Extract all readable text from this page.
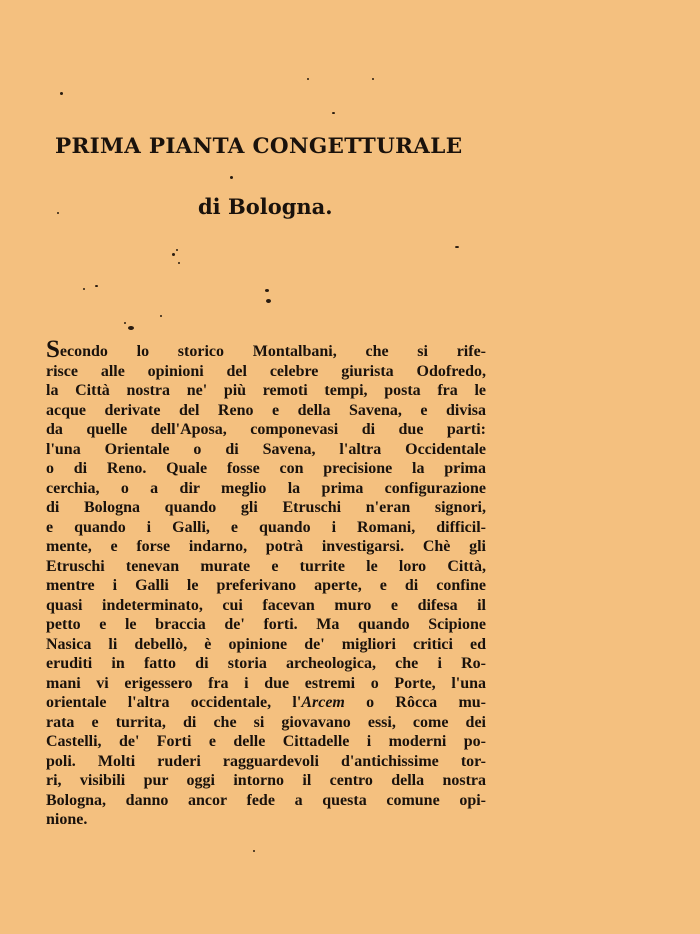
PRIMA PIANTA CONGETTURALE
di Bologna.
Secondo lo storico Montalbani, che si rife-
risce alle opinioni del celebre giurista Odofredo,
la Città nostra ne' più remoti tempi, posta fra le
acque derivate del Reno e della Savena, e divisa
da quelle dell'Aposa, componevasi di due parti:
l'una Orientale o di Savena, l'altra Occidentale
o di Reno. Quale fosse con precisione la prima
cerchia, o a dir meglio la prima configurazione
di Bologna quando gli Etruschi n'eran signori,
e quando i Galli, e quando i Romani, difficil-
mente, e forse indarno, potrà investigarsi. Chè gli
Etruschi tenevan murate e turrite le loro Città,
mentre i Galli le preferivano aperte, e di confine
quasi indeterminato, cui facevan muro e difesa il
petto e le braccia de' forti. Ma quando Scipione
Nasica li debellò, è opinione de' migliori critici ed
eruditi in fatto di storia archeologica, che i Ro-
mani vi erigessero fra i due estremi o Porte, l'una
orientale l'altra occidentale, l'Arcem o Rôcca mu-
rata e turrita, di che si giovavano essi, come dei
Castelli, de' Forti e delle Cittadelle i moderni po-
poli. Molti ruderi ragguardevoli d'antichissime tor-
ri, visibili pur oggi intorno il centro della nostra
Bologna, danno ancor fede a questa comune opi-
nione.
